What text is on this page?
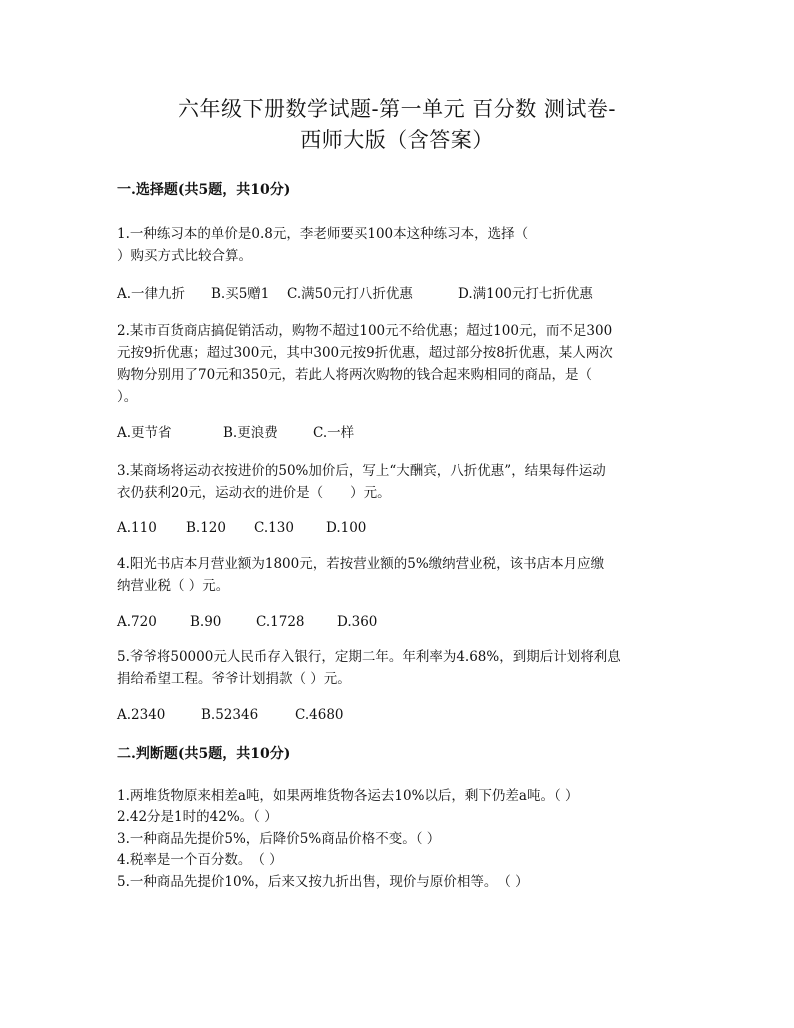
六年级下册数学试题-第一单元 百分数 测试卷-
西师大版（含答案）
一.选择题(共5题，共10分)
1.一种练习本的单价是0.8元，李老师要买100本这种练习本，选择（
）购买方式比较合算。
A.一律九折 B.买5赠1 C.满50元打八折优惠	D.满100元打七折优惠
2.某市百货商店搞促销活动，购物不超过100元不给优惠；超过100元，而不足300
元按9折优惠；超过300元，其中300元按9折优惠，超过部分按8折优惠，某人两次
购物分别用了70元和350元，若此人将两次购物的钱合起来购相同的商品，是（
）。
A.更节省	B.更浪费	C.一样
3.某商场将运动衣按进价的50%加价后，写上“大酬宾，八折优惠”，结果每件运动
衣仍获利20元，运动衣的进价是（　　）元。
A.110 B.120 C.130 D.100
4.阳光书店本月营业额为1800元，若按营业额的5%缴纳营业税，该书店本月应缴
纳营业税（ ）元。
A.720 B.90	C.1728 D.360
5.爷爷将50000元人民币存入银行，定期二年。年利率为4.68%，到期后计划将利息
捐给希望工程。爷爷计划捐款（ ）元。
A.2340	B.52346	C.4680
二.判断题(共5题，共10分)
1.两堆货物原来相差a吨，如果两堆货物各运去10%以后，剩下仍差a吨。（ ）
2.42分是1时的42%。（ ）
3.一种商品先提价5%，后降价5%商品价格不变。（ ）
4.税率是一个百分数。　（ ）
5.一种商品先提价10%，后来又按九折出售，现价与原价相等。　（ ）
